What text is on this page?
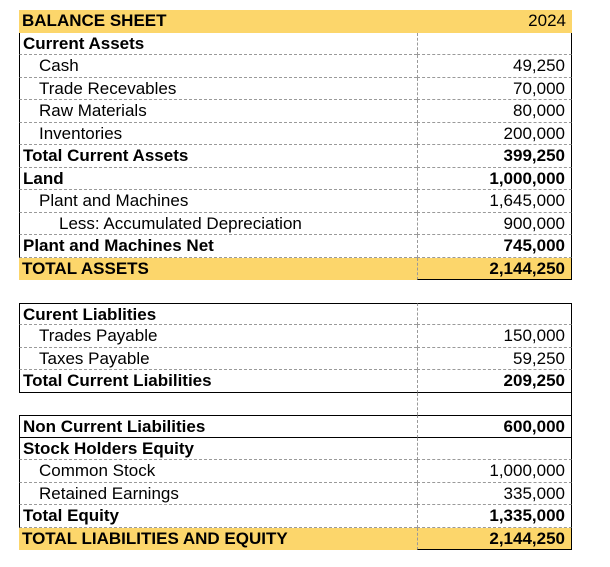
BALANCE SHEET	2024
Current Assets
Cash	49,250
Trade Recevables	70,000
Raw Materials	80,000
Inventories	200,000
Total Current Assets	399,250
Land	1,000,000
Plant and Machines	1,645,000
Less: Accumulated Depreciation	900,000
Plant and Machines Net	745,000
TOTAL ASSETS	2,144,250
Curent Liablities
Trades Payable	150,000
Taxes Payable	59,250
Total Current Liabilities	209,250
Non Current Liabilities	600,000
Stock Holders Equity
Common Stock	1,000,000
Retained Earnings	335,000
Total Equity	1,335,000
TOTAL LIABILITIES AND EQUITY	2,144,250
